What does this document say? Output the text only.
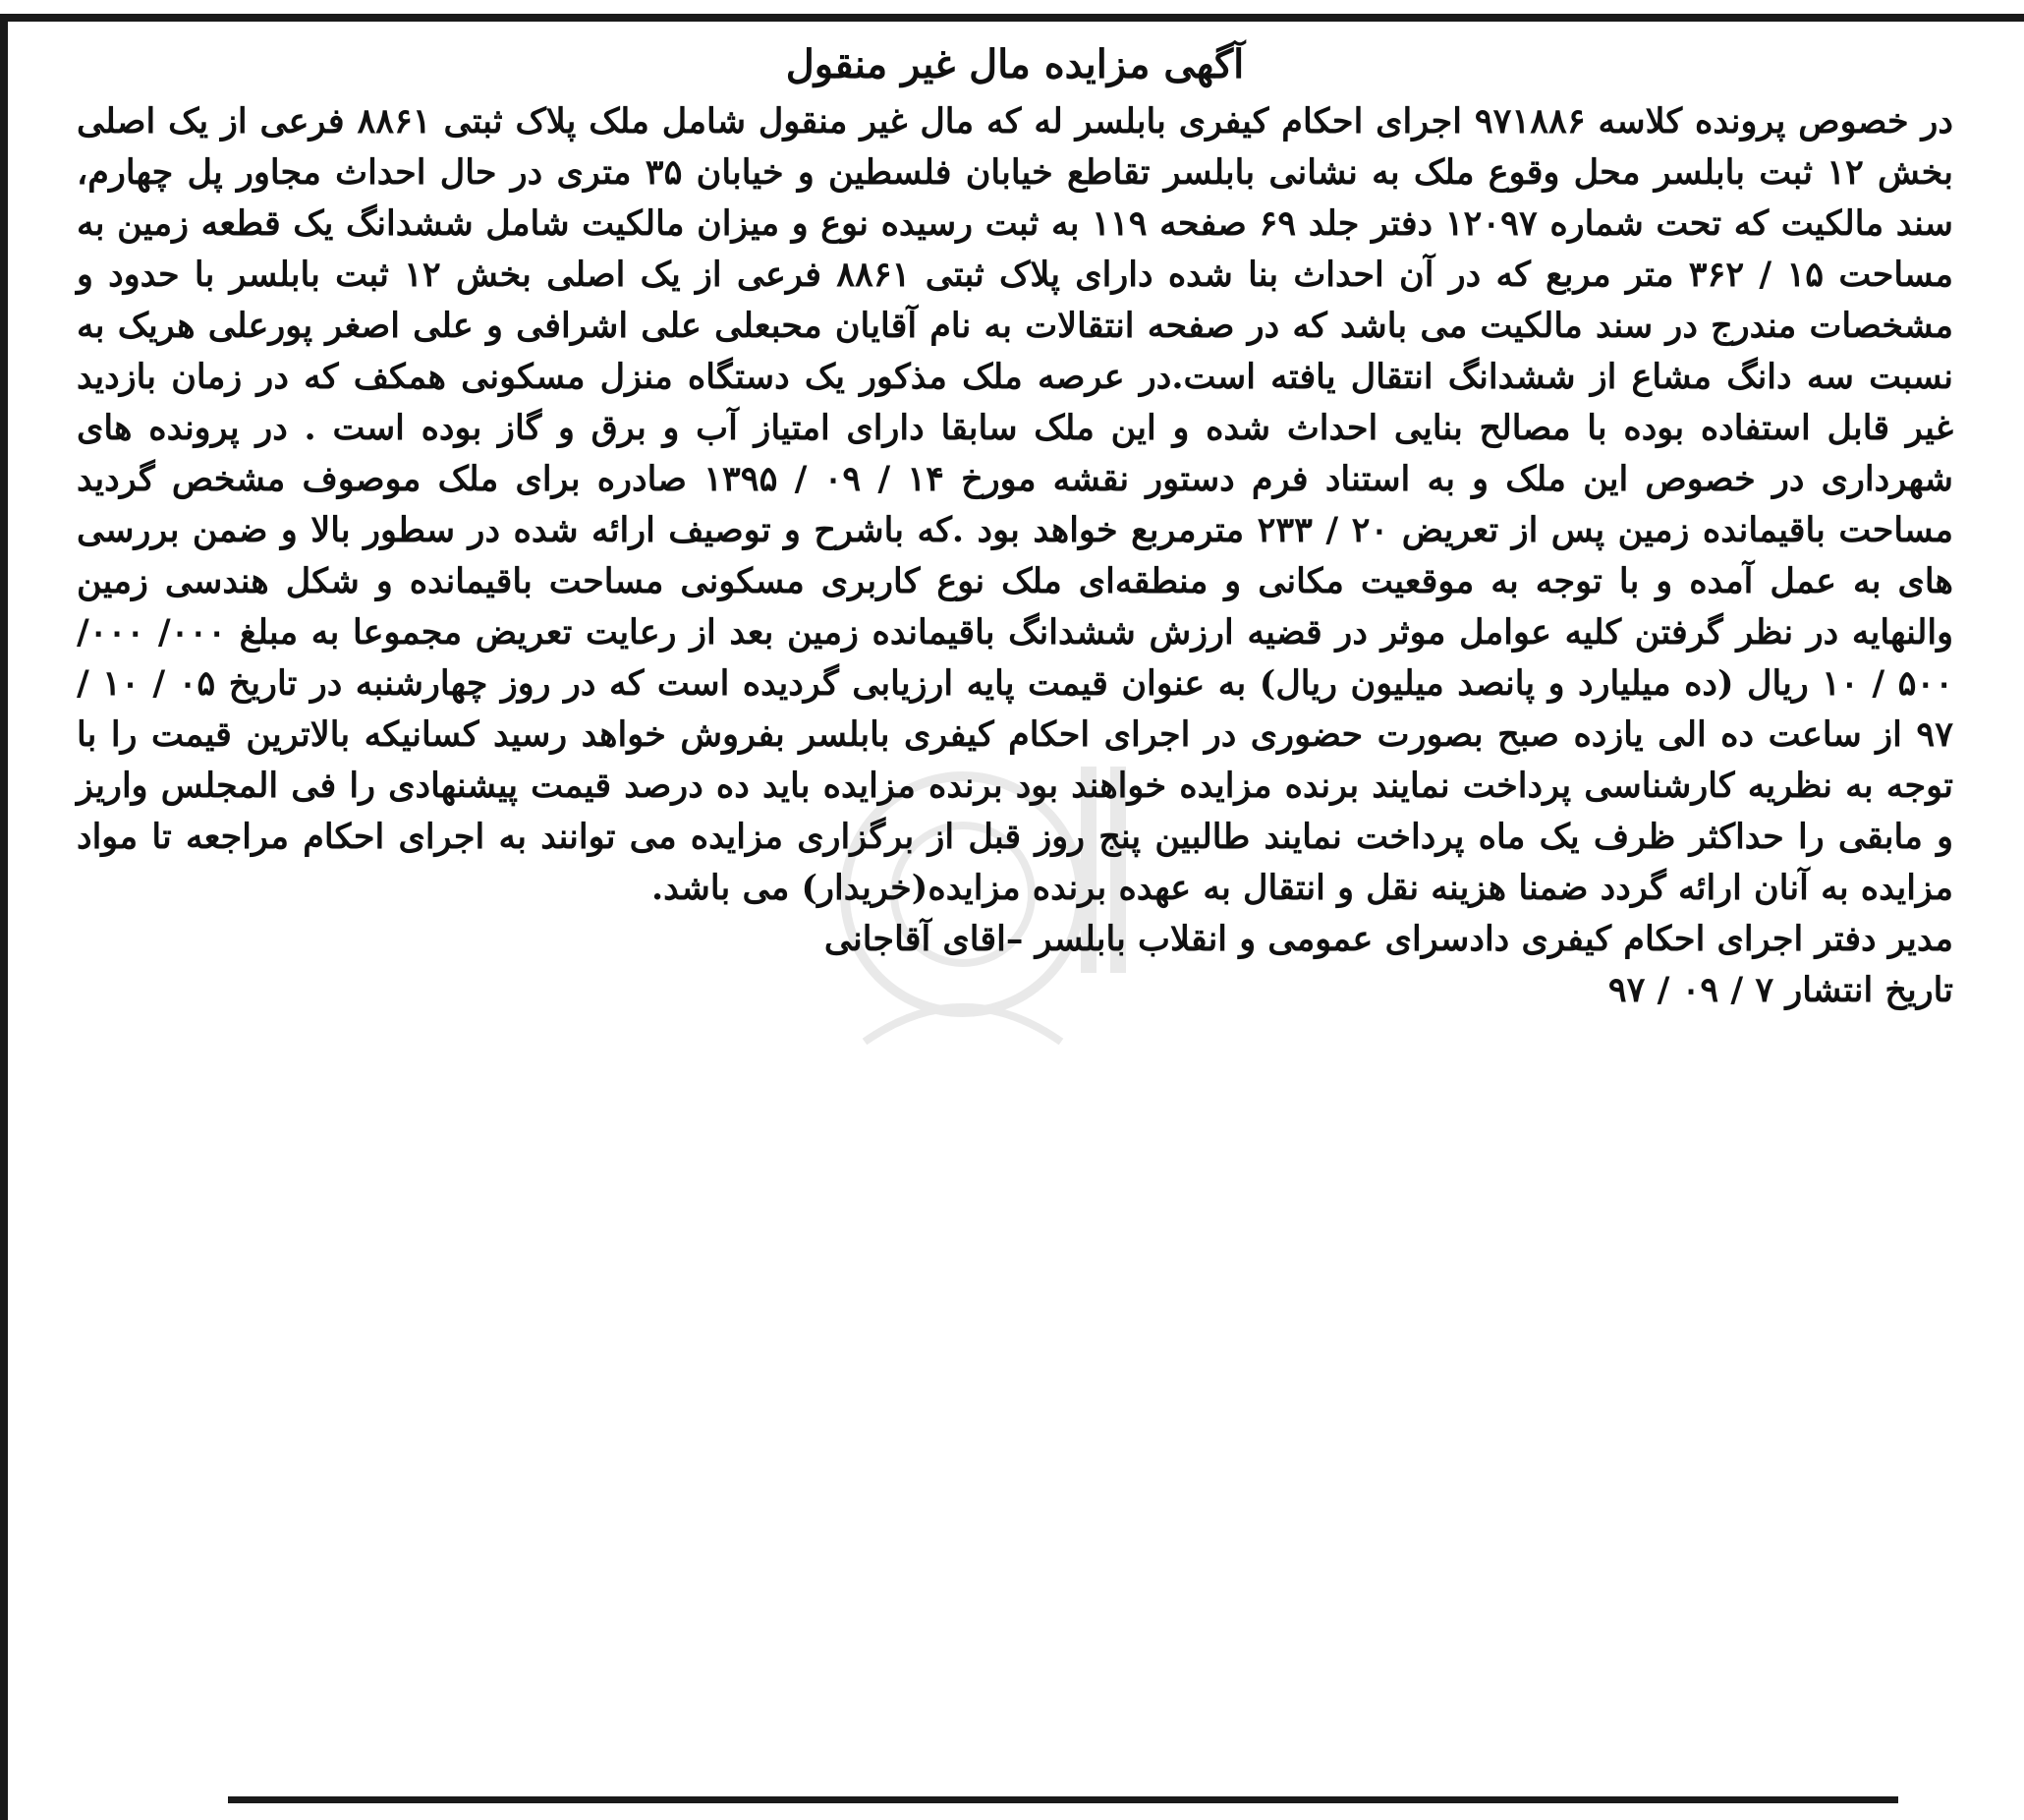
آگهی مزایده مال غیر منقول

در خصوص پرونده کلاسه ۹۷۱۸۸۶ اجرای احکام کیفری بابلسر له که مال غیر منقول شامل ملک پلاک ثبتی ۸۸۶۱ فرعی از یک اصلی بخش ۱۲ ثبت بابلسر محل وقوع ملک به نشانی بابلسر تقاطع خیابان فلسطین و خیابان ۳۵ متری در حال احداث مجاور پل چهارم، سند مالکیت که تحت شماره ۱۲۰۹۷ دفتر جلد ۶۹ صفحه ۱۱۹ به ثبت رسیده نوع و میزان مالکیت شامل ششدانگ یک قطعه زمین به مساحت ۱۵ / ۳۶۲ متر مربع که در آن احداث بنا شده دارای پلاک ثبتی ۸۸۶۱ فرعی از یک اصلی بخش ۱۲ ثبت بابلسر با حدود و مشخصات مندرج در سند مالکیت می باشد که در صفحه انتقالات به نام آقایان محبعلی علی اشرافی و علی اصغر پورعلی هریک به نسبت سه دانگ مشاع از ششدانگ انتقال یافته است.در عرصه ملک مذکور یک دستگاه منزل مسکونی همکف که در زمان بازدید غیر قابل استفاده بوده با مصالح بنایی احداث شده و این ملک سابقا دارای امتیاز آب و برق و گاز بوده است . در پرونده های شهرداری در خصوص این ملک و به استناد فرم دستور نقشه مورخ ۱۴ / ۰۹ / ۱۳۹۵ صادره برای ملک موصوف مشخص گردید مساحت باقیمانده زمین پس از تعریض ۲۰ / ۲۳۳ مترمربع خواهد بود .که باشرح و توصیف ارائه شده در سطور بالا و ضمن بررسی های به عمل آمده و با توجه به موقعیت مکانی و منطقه‌ای ملک نوع کاربری مسکونی مساحت باقیمانده و شکل هندسی زمین والنهایه در نظر گرفتن کلیه عوامل موثر در قضیه ارزش ششدانگ باقیمانده زمین بعد از رعایت تعریض مجموعا به مبلغ ۰۰۰/ ۰۰۰/ ۵۰۰ / ۱۰ ریال (ده میلیارد و پانصد میلیون ریال) به عنوان قیمت پایه ارزیابی گردیده است که در روز چهارشنبه در تاریخ ۰۵ / ۱۰ / ۹۷ از ساعت ده الی یازده صبح بصورت حضوری در اجرای احکام کیفری بابلسر بفروش خواهد رسید کسانیکه بالاترین قیمت را با توجه به نظریه کارشناسی پرداخت نمایند برنده مزایده خواهند بود برنده مزایده باید ده درصد قیمت پیشنهادی را فی المجلس واریز و مابقی را حداکثر ظرف یک ماه پرداخت نمایند طالبین پنج روز قبل از برگزاری مزایده می توانند به اجرای احکام مراجعه تا مواد مزایده به آنان ارائه گردد ضمنا هزینه نقل و انتقال به عهده برنده مزایده(خریدار) می باشد.

مدیر دفتر اجرای احکام کیفری دادسرای عمومی و انقلاب بابلسر –اقای آقاجانی

تاریخ انتشار ۷ / ۰۹ / ۹۷
